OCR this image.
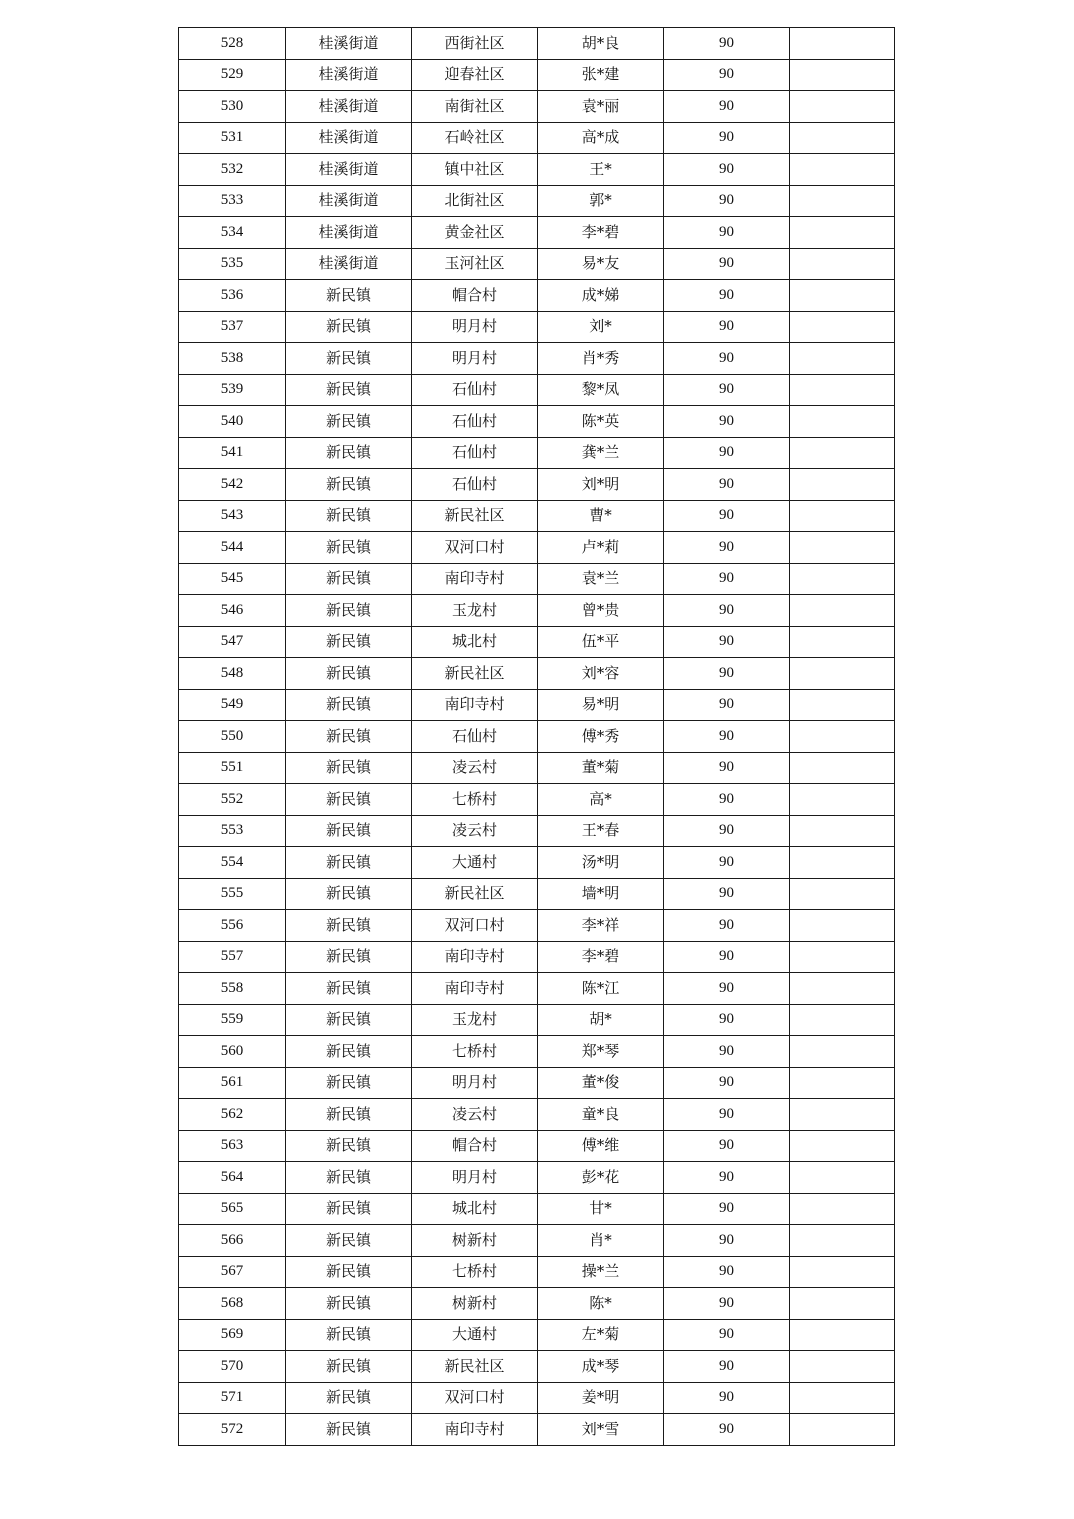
528	桂溪街道	西街社区	胡*良	90	
529	桂溪街道	迎春社区	张*建	90	
530	桂溪街道	南街社区	袁*丽	90	
531	桂溪街道	石岭社区	高*成	90	
532	桂溪街道	镇中社区	王*	90	
533	桂溪街道	北街社区	郭*	90	
534	桂溪街道	黄金社区	李*碧	90	
535	桂溪街道	玉河社区	易*友	90	
536	新民镇	帽合村	成*娣	90	
537	新民镇	明月村	刘*	90	
538	新民镇	明月村	肖*秀	90	
539	新民镇	石仙村	黎*凤	90	
540	新民镇	石仙村	陈*英	90	
541	新民镇	石仙村	龚*兰	90	
542	新民镇	石仙村	刘*明	90	
543	新民镇	新民社区	曹*	90	
544	新民镇	双河口村	卢*莉	90	
545	新民镇	南印寺村	袁*兰	90	
546	新民镇	玉龙村	曾*贵	90	
547	新民镇	城北村	伍*平	90	
548	新民镇	新民社区	刘*容	90	
549	新民镇	南印寺村	易*明	90	
550	新民镇	石仙村	傅*秀	90	
551	新民镇	凌云村	董*菊	90	
552	新民镇	七桥村	高*	90	
553	新民镇	凌云村	王*春	90	
554	新民镇	大通村	汤*明	90	
555	新民镇	新民社区	墙*明	90	
556	新民镇	双河口村	李*祥	90	
557	新民镇	南印寺村	李*碧	90	
558	新民镇	南印寺村	陈*江	90	
559	新民镇	玉龙村	胡*	90	
560	新民镇	七桥村	郑*琴	90	
561	新民镇	明月村	董*俊	90	
562	新民镇	凌云村	童*良	90	
563	新民镇	帽合村	傅*维	90	
564	新民镇	明月村	彭*花	90	
565	新民镇	城北村	甘*	90	
566	新民镇	树新村	肖*	90	
567	新民镇	七桥村	操*兰	90	
568	新民镇	树新村	陈*	90	
569	新民镇	大通村	左*菊	90	
570	新民镇	新民社区	成*琴	90	
571	新民镇	双河口村	姜*明	90	
572	新民镇	南印寺村	刘*雪	90	
